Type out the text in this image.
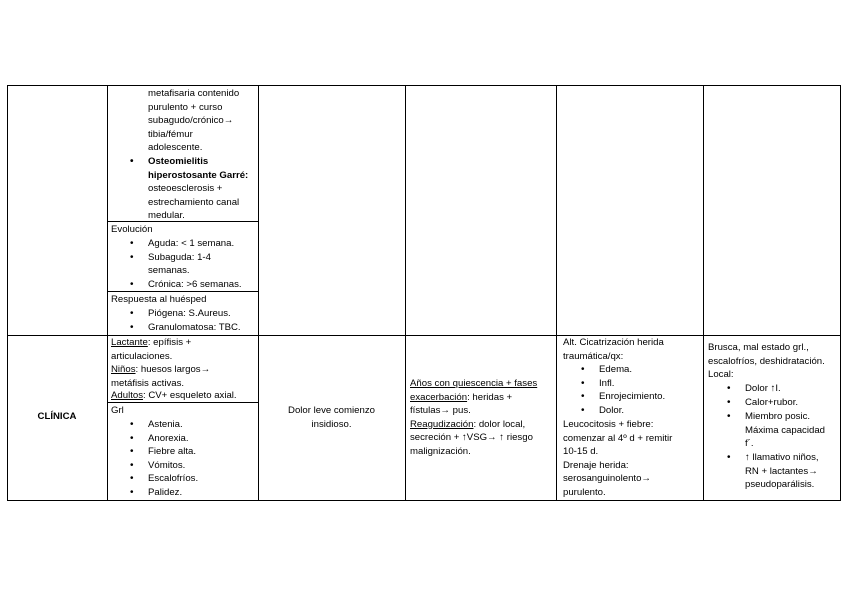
metafisaria contenido
purulento + curso
subagudo/crónico→
tibia/fémur
adolescente.
• Osteomielitis
hiperostosante Garré:
osteoesclerosis +
estrechamiento canal
medular.
Evolución
• Aguda: < 1 semana.
• Subaguda: 1-4
semanas.
• Crónica: >6 semanas.
Respuesta al huésped
• Piógena: S.Aureus.
• Granulomatosa: TBC.
CLÍNICA
Lactante: epífisis +
articulaciones.
Niños: huesos largos→
metáfisis activas.
Adultos: CV+ esqueleto axial.
Grl
• Astenia.
• Anorexia.
• Fiebre alta.
• Vómitos.
• Escalofríos.
• Palidez.
Dolor leve comienzo
insidioso.
Años con quiescencia + fases
exacerbación: heridas +
fístulas→ pus.
Reagudización: dolor local,
secreción + ↑VSG→ ↑ riesgo
malignización.
Alt. Cicatrización herida
traumática/qx:
• Edema.
• Infl.
• Enrojecimiento.
• Dolor.
Leucocitosis + fiebre:
comenzar al 4º d + remitir
10-15 d.
Drenaje herida:
serosanguinolento→
purulento.
Brusca, mal estado grl.,
escalofríos, deshidratación.
Local:
• Dolor ↑I.
• Calor+rubor.
• Miembro posic.
Máxima capacidad
f´.
• ↑ llamativo niños,
RN + lactantes→
pseudoparálisis.
